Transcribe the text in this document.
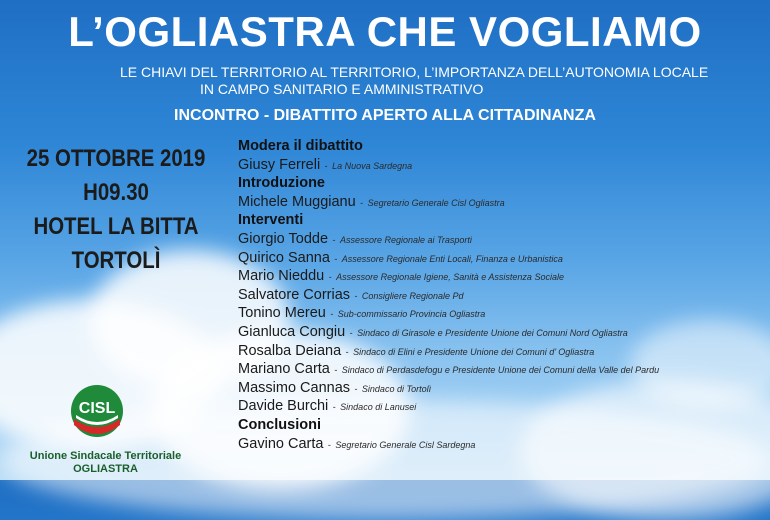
L’OGLIASTRA CHE VOGLIAMO
LE CHIAVI DEL TERRITORIO AL TERRITORIO, L’IMPORTANZA DELL’AUTONOMIA LOCALE
IN CAMPO SANITARIO E AMMINISTRATIVO
INCONTRO - DIBATTITO APERTO ALLA CITTADINANZA
25 OTTOBRE 2019
H09.30
HOTEL LA BITTA
TORTOLÌ
Modera il dibattito
Giusy Ferreli - La Nuova Sardegna
Introduzione
Michele Muggianu - Segretario Generale Cisl Ogliastra
Interventi
Giorgio Todde - Assessore Regionale ai Trasporti
Quirico Sanna - Assessore Regionale Enti Locali, Finanza e Urbanistica
Mario Nieddu - Assessore Regionale Igiene, Sanità e Assistenza Sociale
Salvatore Corrias - Consigliere Regionale Pd
Tonino Mereu - Sub-commissario Provincia Ogliastra
Gianluca Congiu - Sindaco di Girasole e Presidente Unione dei Comuni Nord Ogliastra
Rosalba Deiana - Sindaco di Elini e Presidente Unione dei Comuni d’ Ogliastra
Mariano Carta - Sindaco di Perdasdefogu e Presidente Unione dei Comuni della Valle del Pardu
Massimo Cannas - Sindaco di Tortolì
Davide Burchi - Sindaco di Lanusei
Conclusioni
Gavino Carta - Segretario Generale Cisl Sardegna
CISL
Unione Sindacale Territoriale
OGLIASTRA
